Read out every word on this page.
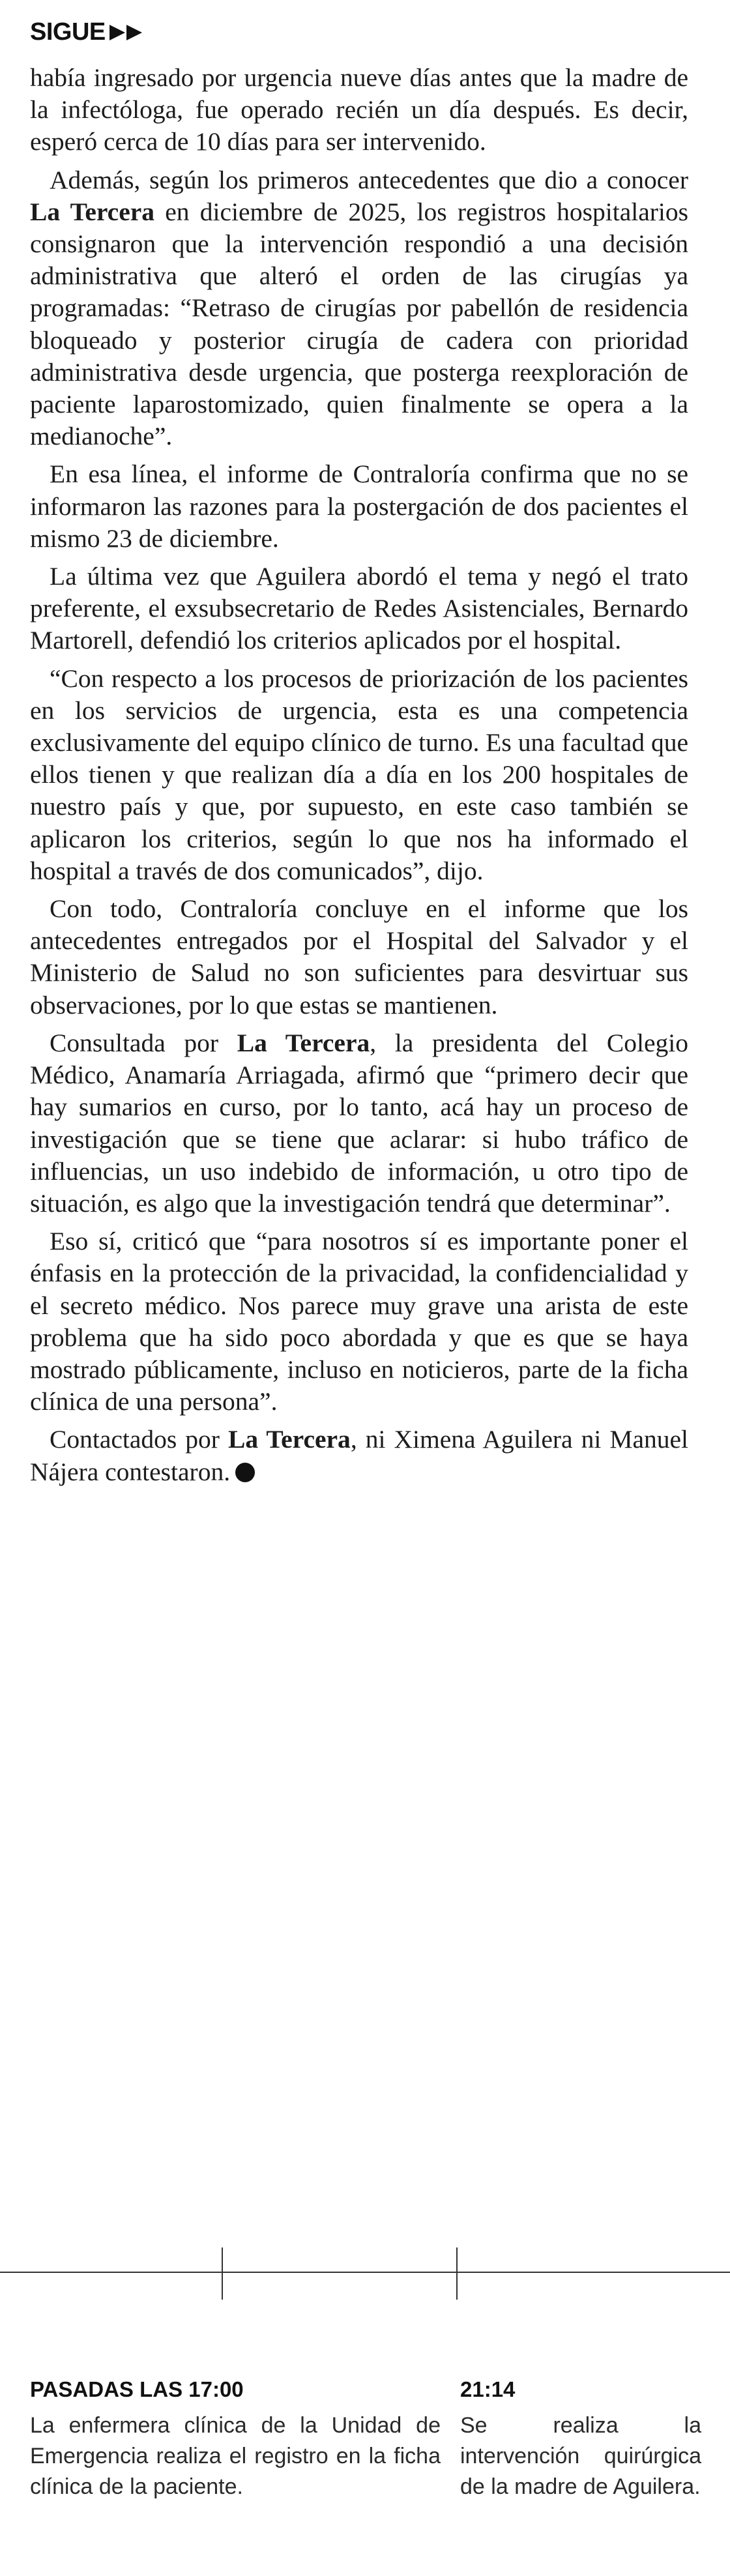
SIGUE

había ingresado por urgencia nueve días antes que la madre de la infectóloga, fue operado recién un día después. Es decir, esperó cerca de 10 días para ser intervenido.

Además, según los primeros antecedentes que dio a conocer La Tercera en diciembre de 2025, los registros hospitalarios consignaron que la intervención respondió a una decisión administrativa que alteró el orden de las cirugías ya programadas: “Retraso de cirugías por pabellón de residencia bloqueado y posterior cirugía de cadera con prioridad administrativa desde urgencia, que posterga reexploración de paciente laparostomizado, quien finalmente se opera a la medianoche”.

En esa línea, el informe de Contraloría confirma que no se informaron las razones para la postergación de dos pacientes el mismo 23 de diciembre.

La última vez que Aguilera abordó el tema y negó el trato preferente, el exsubsecretario de Redes Asistenciales, Bernardo Martorell, defendió los criterios aplicados por el hospital.

“Con respecto a los procesos de priorización de los pacientes en los servicios de urgencia, esta es una competencia exclusivamente del equipo clínico de turno. Es una facultad que ellos tienen y que realizan día a día en los 200 hospitales de nuestro país y que, por supuesto, en este caso también se aplicaron los criterios, según lo que nos ha informado el hospital a través de dos comunicados”, dijo.

Con todo, Contraloría concluye en el informe que los antecedentes entregados por el Hospital del Salvador y el Ministerio de Salud no son suficientes para desvirtuar sus observaciones, por lo que estas se mantienen.

Consultada por La Tercera, la presidenta del Colegio Médico, Anamaría Arriagada, afirmó que “primero decir que hay sumarios en curso, por lo tanto, acá hay un proceso de investigación que se tiene que aclarar: si hubo tráfico de influencias, un uso indebido de información, u otro tipo de situación, es algo que la investigación tendrá que determinar”.

Eso sí, criticó que “para nosotros sí es importante poner el énfasis en la protección de la privacidad, la confidencialidad y el secreto médico. Nos parece muy grave una arista de este problema que ha sido poco abordada y que es que se haya mostrado públicamente, incluso en noticieros, parte de la ficha clínica de una persona”.

Contactados por La Tercera, ni Ximena Aguilera ni Manuel Nájera contestaron.

PASADAS LAS 17:00
La enfermera clínica de la Unidad de Emergencia realiza el registro en la ficha clínica de la paciente.
21:14
Se realiza la intervención quirúrgica de la madre de Aguilera.
